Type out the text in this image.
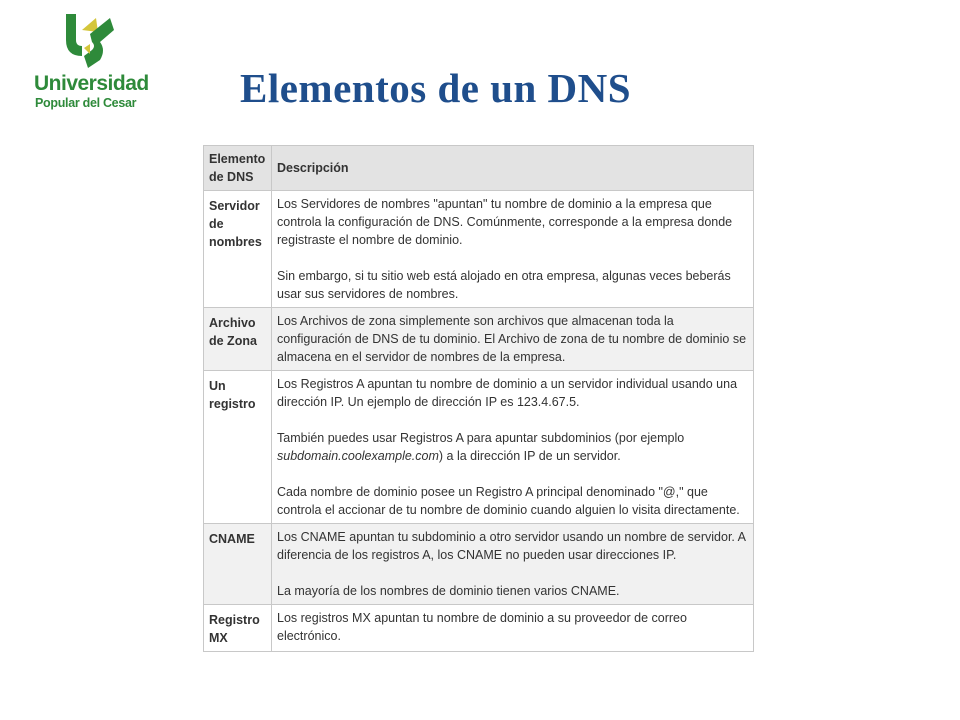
Universidad
Popular del Cesar	Elementos de un DNS
Elemento de DNS	Descripción
Servidor de nombres	Los Servidores de nombres "apuntan" tu nombre de dominio a la empresa que controla la configuración de DNS. Comúnmente, corresponde a la empresa donde registraste el nombre de dominio.

Sin embargo, si tu sitio web está alojado en otra empresa, algunas veces beberás usar sus servidores de nombres.

Archivo de Zona	Los Archivos de zona simplemente son archivos que almacenan toda la configuración de DNS de tu dominio. El Archivo de zona de tu nombre de dominio se almacena en el servidor de nombres de la empresa.

Un registro	Los Registros A apuntan tu nombre de dominio a un servidor individual usando una dirección IP. Un ejemplo de dirección IP es 123.4.67.5.

También puedes usar Registros A para apuntar subdominios (por ejemplo subdomain.coolexample.com) a la dirección IP de un servidor.

Cada nombre de dominio posee un Registro A principal denominado "@," que controla el accionar de tu nombre de dominio cuando alguien lo visita directamente.

CNAME	Los CNAME apuntan tu subdominio a otro servidor usando un nombre de servidor. A diferencia de los registros A, los CNAME no pueden usar direcciones IP.

La mayoría de los nombres de dominio tienen varios CNAME.

Registro MX	Los registros MX apuntan tu nombre de dominio a su proveedor de correo electrónico.
